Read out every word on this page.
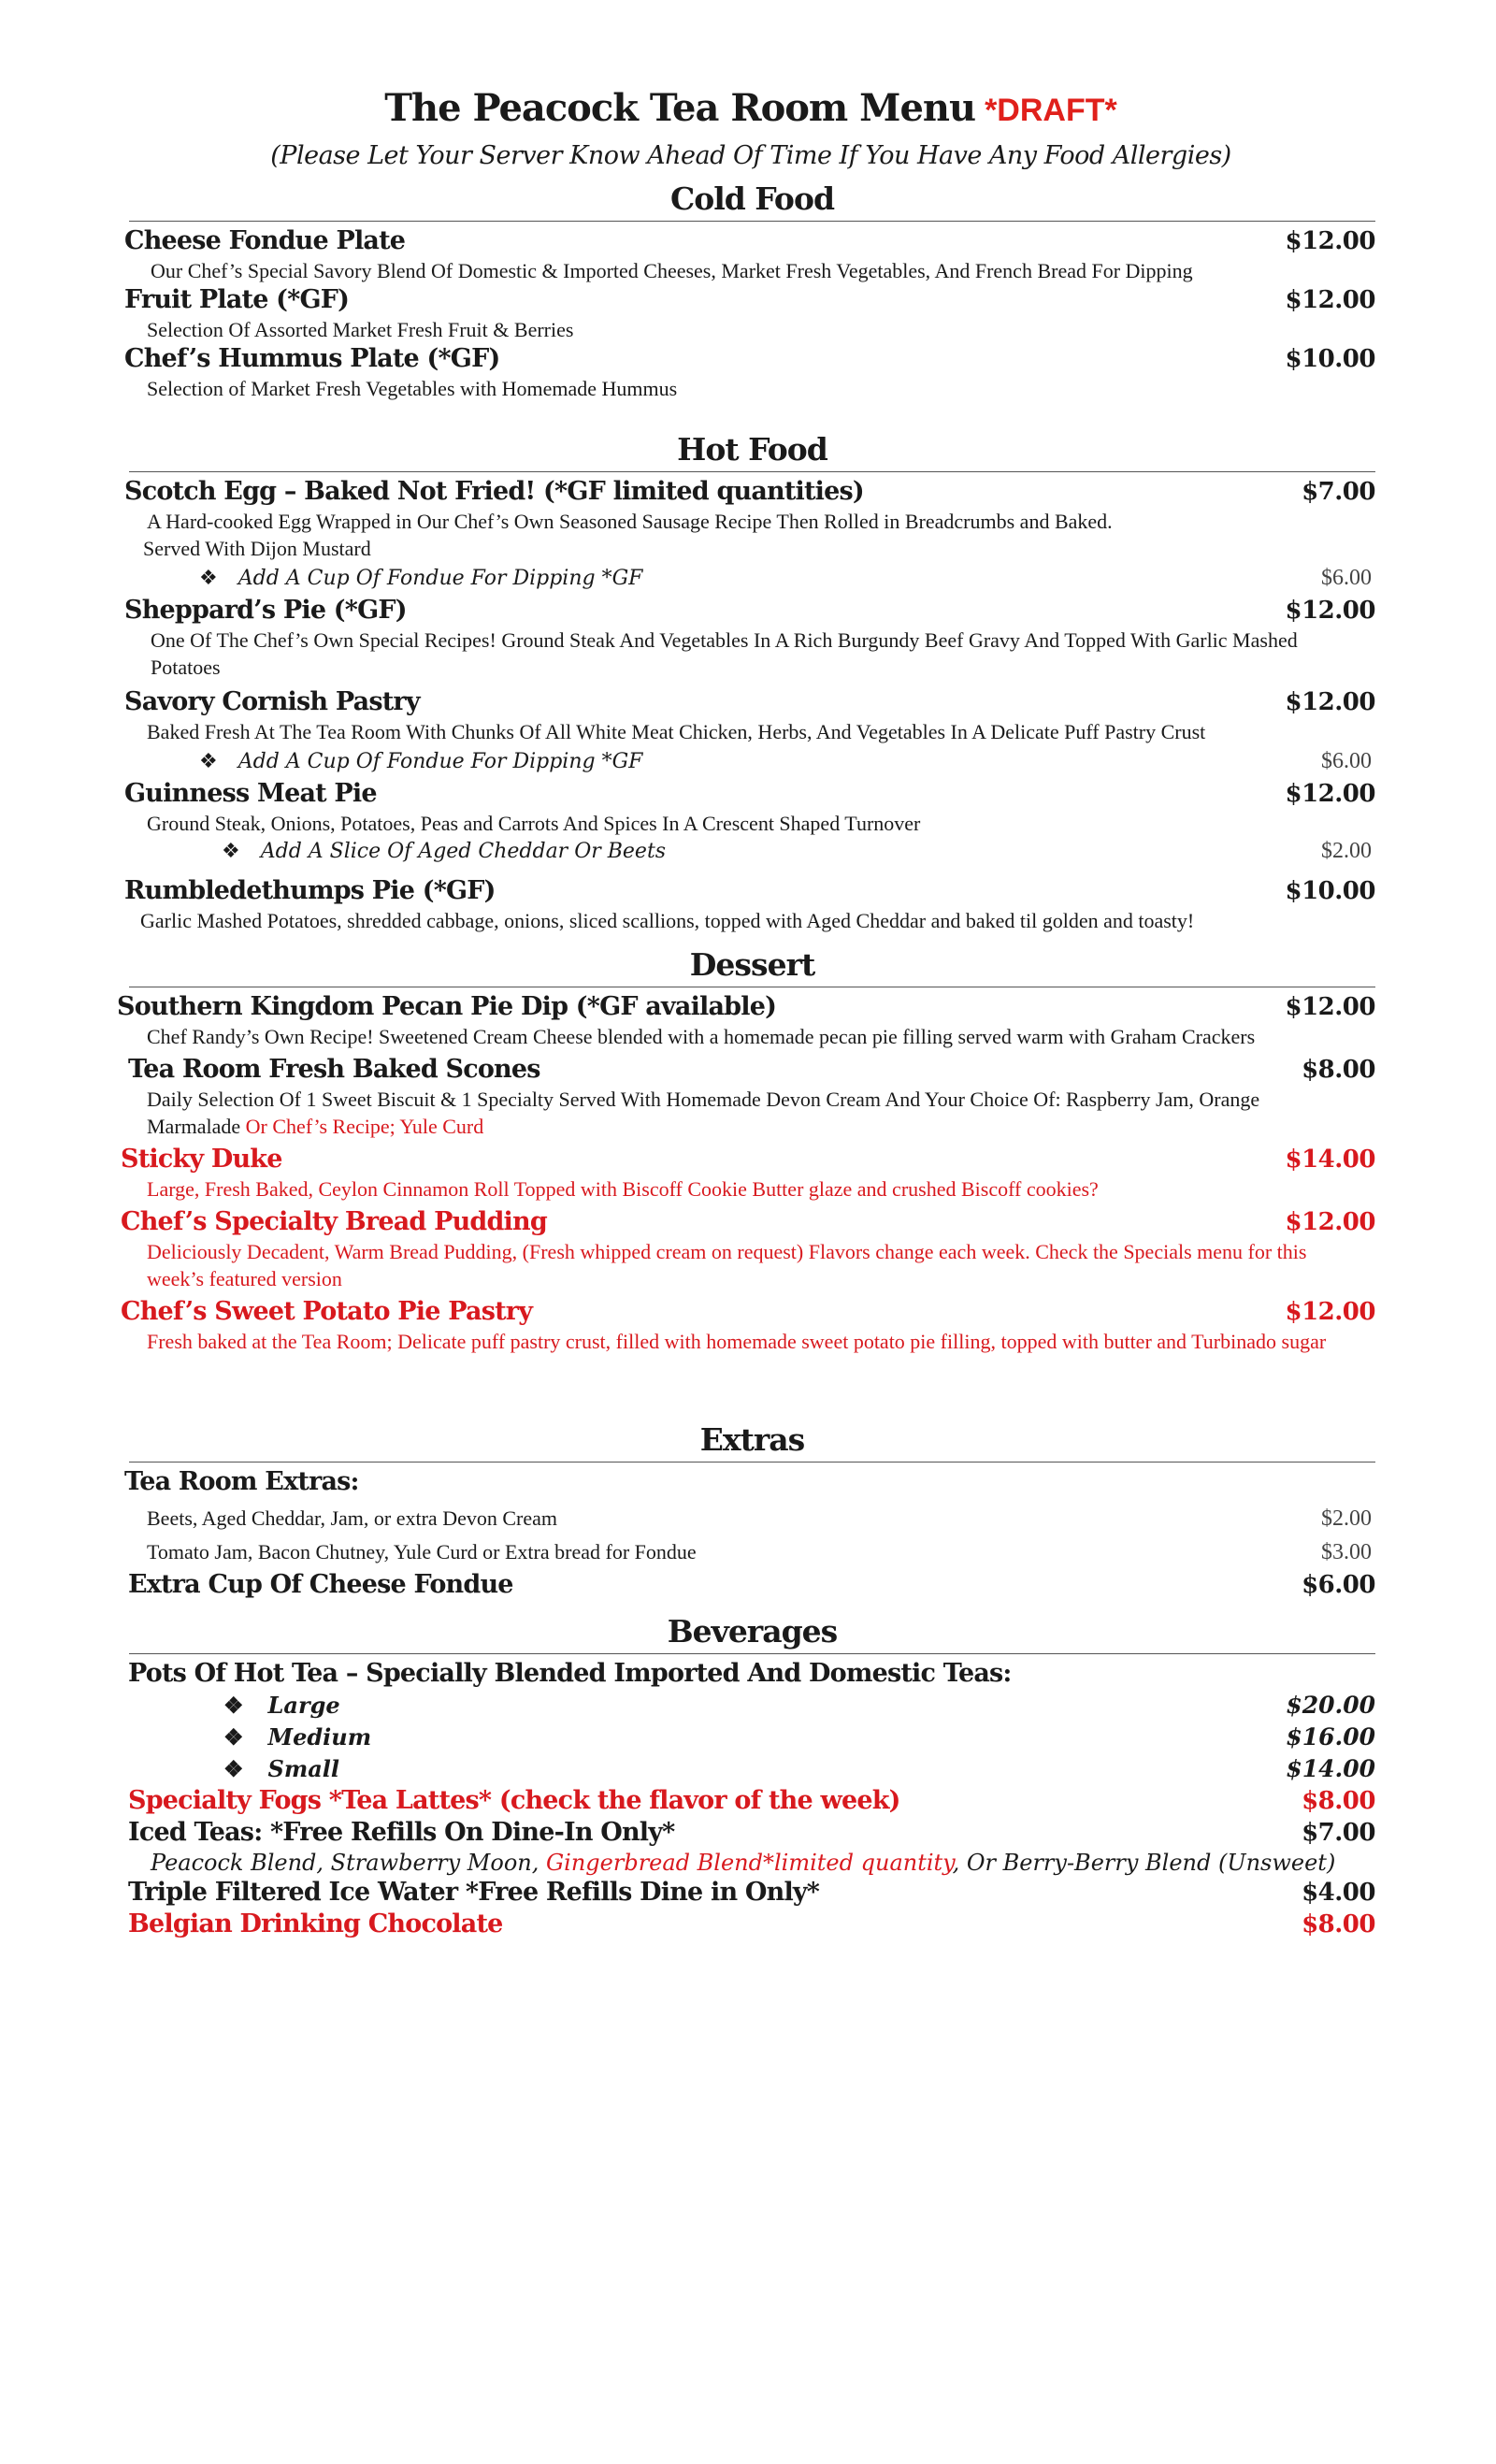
The Peacock Tea Room Menu *DRAFT*
(Please Let Your Server Know Ahead Of Time If You Have Any Food Allergies)
Cold Food
Cheese Fondue Plate	$12.00
Our Chef’s Special Savory Blend Of Domestic & Imported Cheeses, Market Fresh Vegetables, And French Bread For Dipping
Fruit Plate (*GF)	$12.00
Selection Of Assorted Market Fresh Fruit & Berries
Chef’s Hummus Plate (*GF)	$10.00
Selection of Market Fresh Vegetables with Homemade Hummus
Hot Food
Scotch Egg – Baked Not Fried! (*GF limited quantities)	$7.00
A Hard-cooked Egg Wrapped in Our Chef’s Own Seasoned Sausage Recipe Then Rolled in Breadcrumbs and Baked.
Served With Dijon Mustard
❖ Add A Cup Of Fondue For Dipping *GF	$6.00
Sheppard’s Pie (*GF)	$12.00
One Of The Chef’s Own Special Recipes! Ground Steak And Vegetables In A Rich Burgundy Beef Gravy And Topped With Garlic Mashed Potatoes
Savory Cornish Pastry	$12.00
Baked Fresh At The Tea Room With Chunks Of All White Meat Chicken, Herbs, And Vegetables In A Delicate Puff Pastry Crust
❖ Add A Cup Of Fondue For Dipping *GF	$6.00
Guinness Meat Pie	$12.00
Ground Steak, Onions, Potatoes, Peas and Carrots And Spices In A Crescent Shaped Turnover
❖ Add A Slice Of Aged Cheddar Or Beets	$2.00
Rumbledethumps Pie (*GF)	$10.00
Garlic Mashed Potatoes, shredded cabbage, onions, sliced scallions, topped with Aged Cheddar and baked til golden and toasty!
Dessert
Southern Kingdom Pecan Pie Dip (*GF available)	$12.00
Chef Randy’s Own Recipe! Sweetened Cream Cheese blended with a homemade pecan pie filling served warm with Graham Crackers
Tea Room Fresh Baked Scones	$8.00
Daily Selection Of 1 Sweet Biscuit & 1 Specialty Served With Homemade Devon Cream And Your Choice Of: Raspberry Jam, Orange Marmalade Or Chef’s Recipe; Yule Curd
Sticky Duke	$14.00
Large, Fresh Baked, Ceylon Cinnamon Roll Topped with Biscoff Cookie Butter glaze and crushed Biscoff cookies?
Chef’s Specialty Bread Pudding	$12.00
Deliciously Decadent, Warm Bread Pudding, (Fresh whipped cream on request) Flavors change each week. Check the Specials menu for this week’s featured version
Chef’s Sweet Potato Pie Pastry	$12.00
Fresh baked at the Tea Room; Delicate puff pastry crust, filled with homemade sweet potato pie filling, topped with butter and Turbinado sugar
Extras
Tea Room Extras:
Beets, Aged Cheddar, Jam, or extra Devon Cream	$2.00
Tomato Jam, Bacon Chutney, Yule Curd or Extra bread for Fondue	$3.00
Extra Cup Of Cheese Fondue	$6.00
Beverages
Pots Of Hot Tea – Specially Blended Imported And Domestic Teas:
❖ Large	$20.00
❖ Medium	$16.00
❖ Small	$14.00
Specialty Fogs *Tea Lattes* (check the flavor of the week)	$8.00
Iced Teas: *Free Refills On Dine-In Only*	$7.00
Peacock Blend, Strawberry Moon, Gingerbread Blend*limited quantity, Or Berry-Berry Blend (Unsweet)
Triple Filtered Ice Water *Free Refills Dine in Only*	$4.00
Belgian Drinking Chocolate	$8.00
